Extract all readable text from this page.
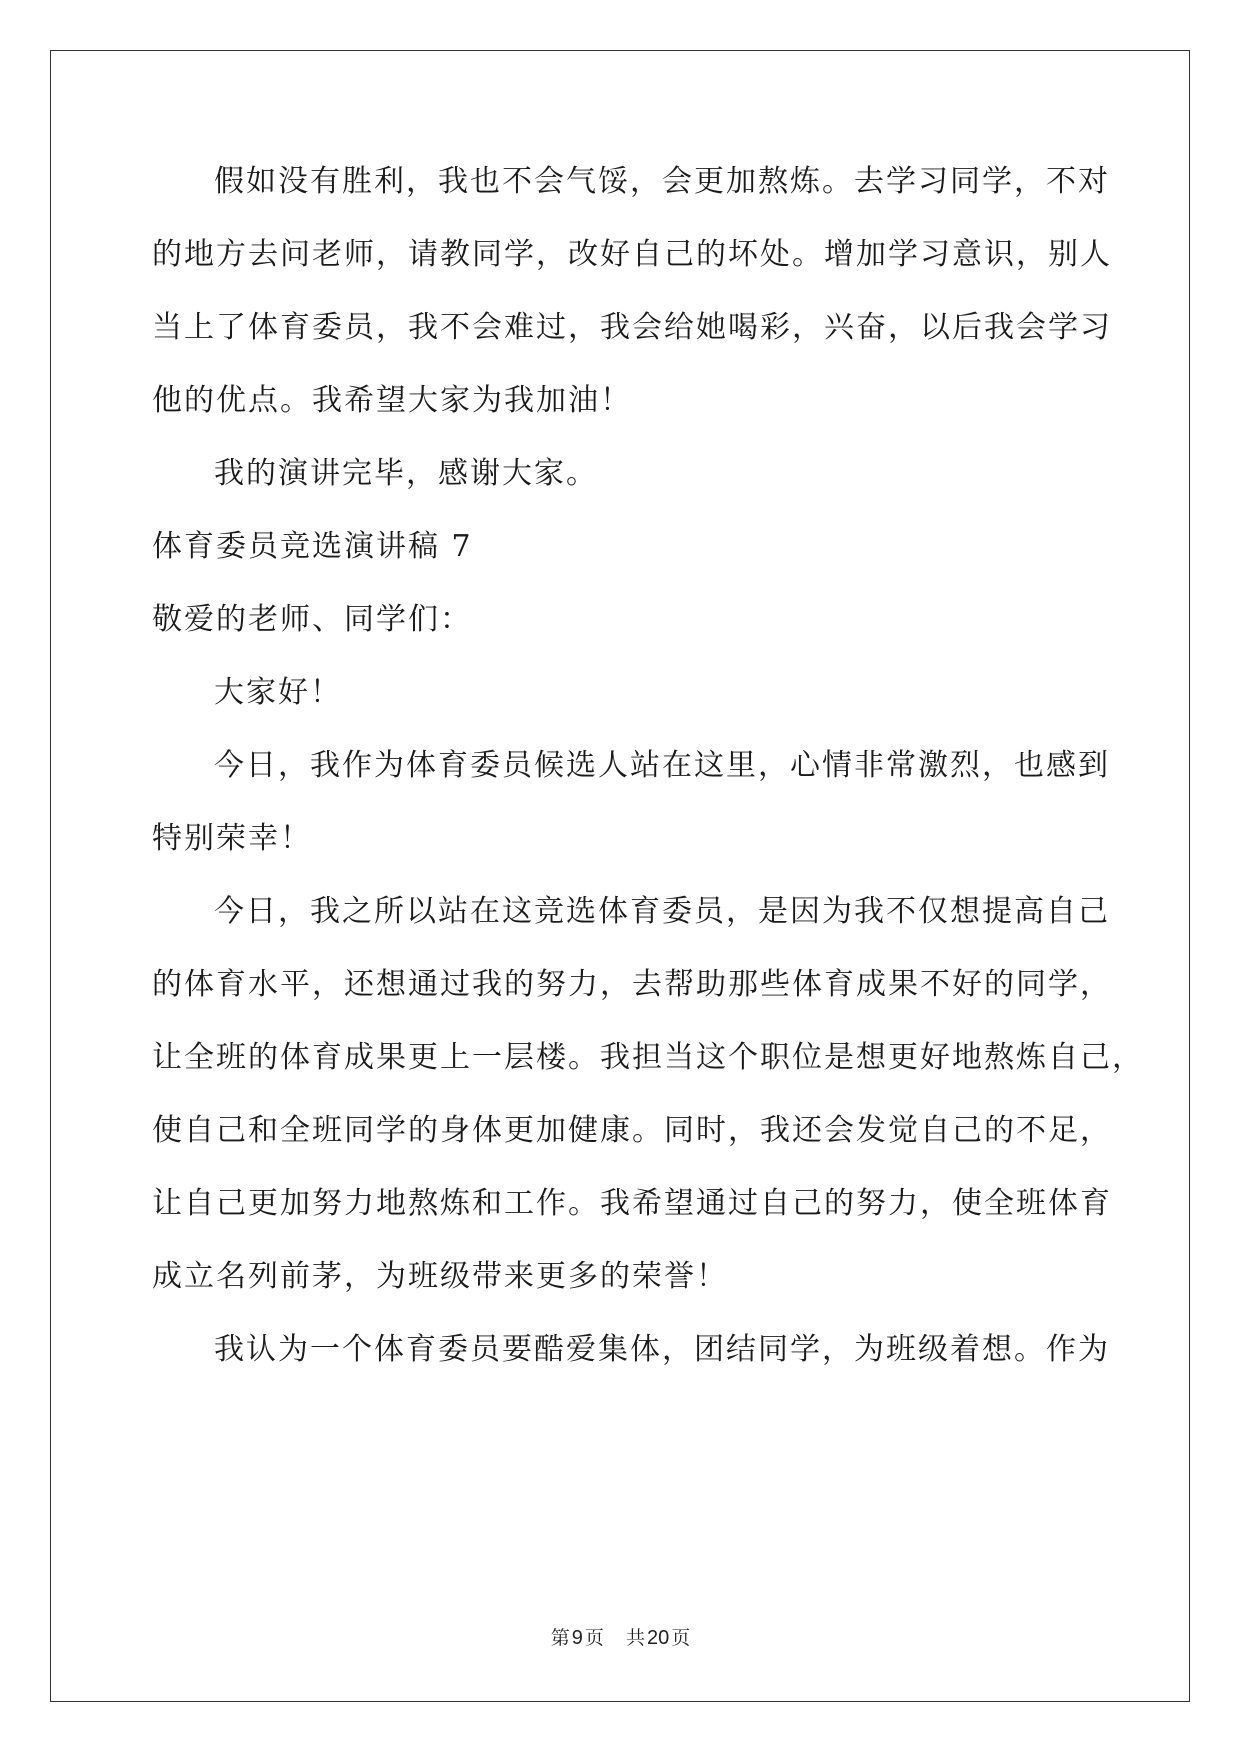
假如没有胜利，我也不会气馁，会更加熬炼。去学习同学，不对
的地方去问老师，请教同学，改好自己的坏处。增加学习意识，别人
当上了体育委员，我不会难过，我会给她喝彩，兴奋，以后我会学习
他的优点。我希望大家为我加油！
我的演讲完毕，感谢大家。
体育委员竞选演讲稿 7
敬爱的老师、同学们：
大家好！
今日，我作为体育委员候选人站在这里，心情非常激烈，也感到
特别荣幸！
今日，我之所以站在这竞选体育委员，是因为我不仅想提高自己
的体育水平，还想通过我的努力，去帮助那些体育成果不好的同学，
让全班的体育成果更上一层楼。我担当这个职位是想更好地熬炼自己，
使自己和全班同学的身体更加健康。同时，我还会发觉自己的不足，
让自己更加努力地熬炼和工作。我希望通过自己的努力，使全班体育
成立名列前茅，为班级带来更多的荣誉！
我认为一个体育委员要酷爱集体，团结同学，为班级着想。作为
第 9 页 共 20 页
